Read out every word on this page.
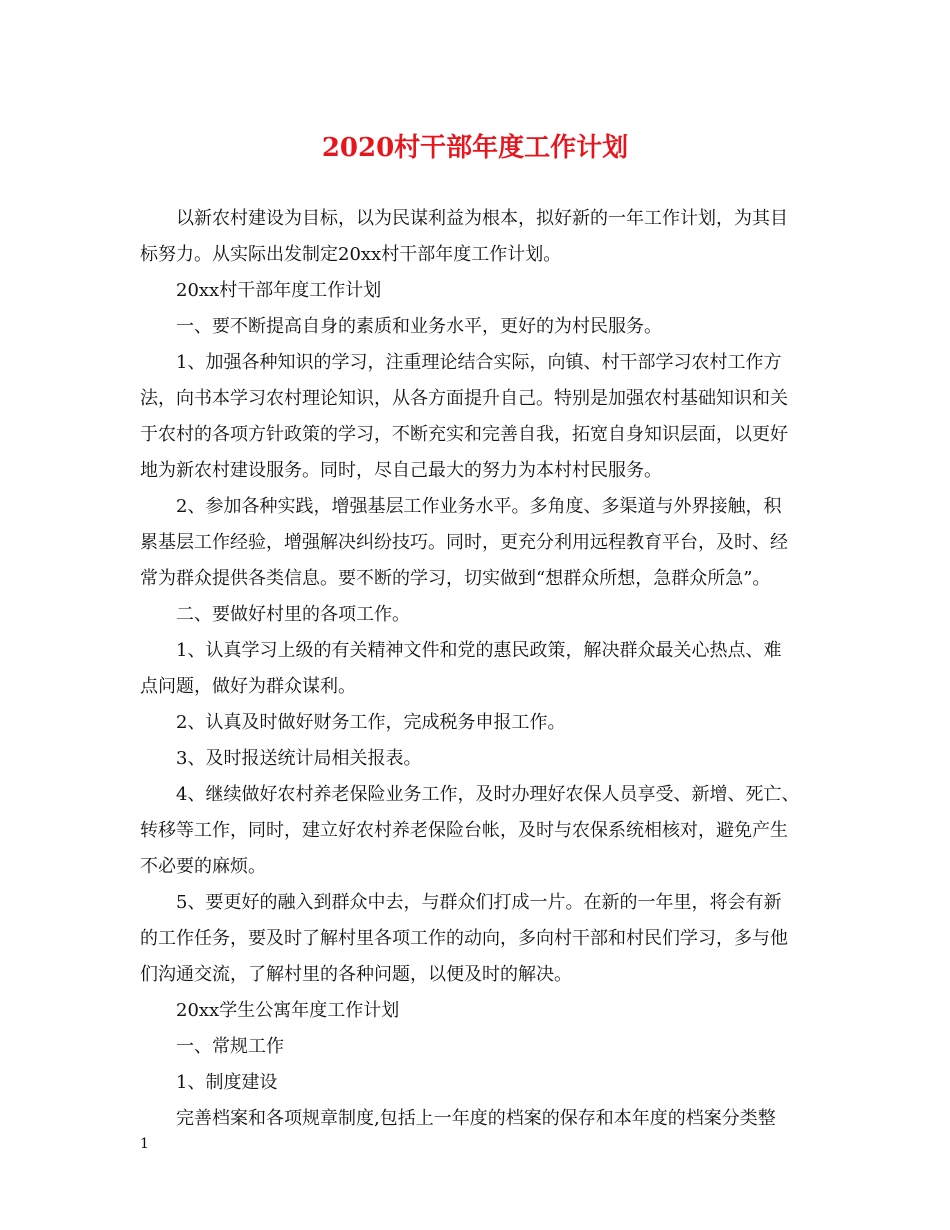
2020村干部年度工作计划

以新农村建设为目标，以为民谋利益为根本，拟好新的一年工作计划，为其目

标努力。从实际出发制定20xx村干部年度工作计划。

20xx村干部年度工作计划

一、要不断提高自身的素质和业务水平，更好的为村民服务。

1、加强各种知识的学习，注重理论结合实际，向镇、村干部学习农村工作方

法，向书本学习农村理论知识，从各方面提升自己。特别是加强农村基础知识和关

于农村的各项方针政策的学习，不断充实和完善自我，拓宽自身知识层面，以更好

地为新农村建设服务。同时，尽自己最大的努力为本村村民服务。

2、参加各种实践，增强基层工作业务水平。多角度、多渠道与外界接触，积

累基层工作经验，增强解决纠纷技巧。同时，更充分利用远程教育平台，及时、经

常为群众提供各类信息。要不断的学习，切实做到“想群众所想，急群众所急”。

二、要做好村里的各项工作。

1、认真学习上级的有关精神文件和党的惠民政策，解决群众最关心热点、难

点问题，做好为群众谋利。

2、认真及时做好财务工作，完成税务申报工作。

3、及时报送统计局相关报表。

4、继续做好农村养老保险业务工作，及时办理好农保人员享受、新增、死亡、

转移等工作，同时，建立好农村养老保险台帐，及时与农保系统相核对，避免产生

不必要的麻烦。

5、要更好的融入到群众中去，与群众们打成一片。在新的一年里，将会有新

的工作任务，要及时了解村里各项工作的动向，多向村干部和村民们学习，多与他

们沟通交流，了解村里的各种问题，以便及时的解决。

20xx学生公寓年度工作计划

一、常规工作

1、制度建设

完善档案和各项规章制度,包括上一年度的档案的保存和本年度的档案分类整

1
